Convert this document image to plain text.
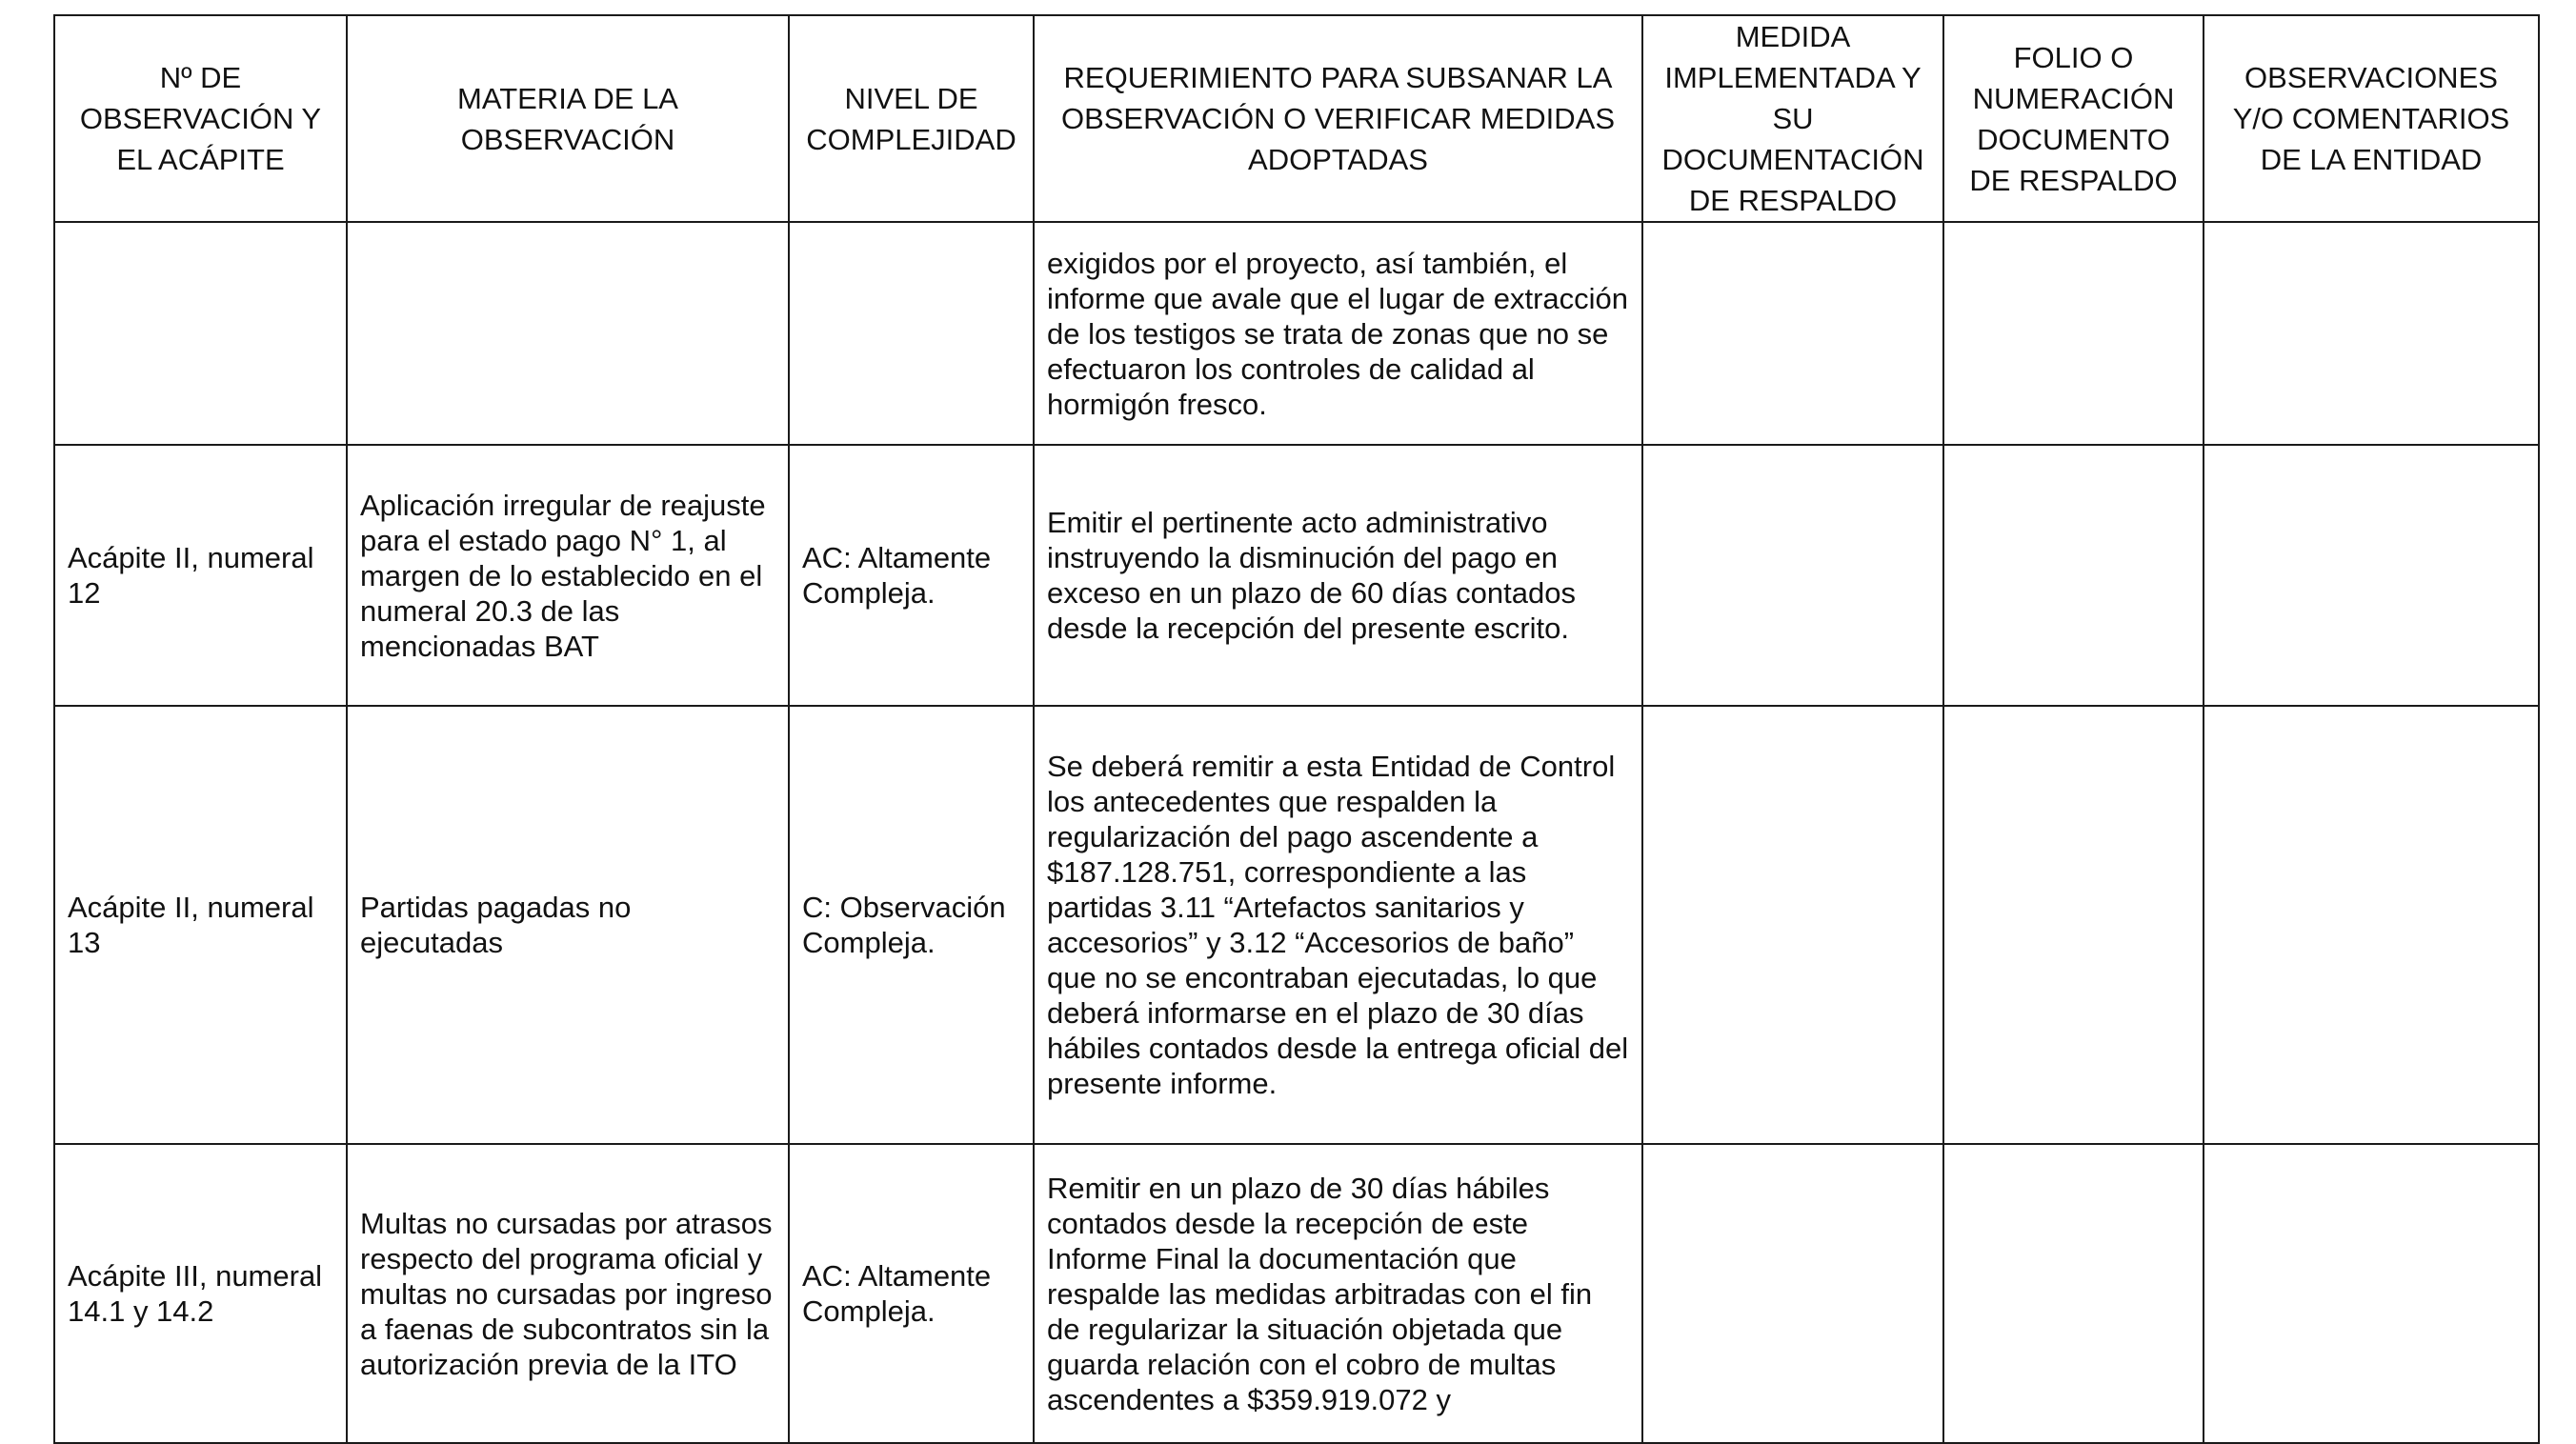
Nº DE OBSERVACIÓN Y EL ACÁPITE	MATERIA DE LA OBSERVACIÓN	NIVEL DE COMPLEJIDAD	REQUERIMIENTO PARA SUBSANAR LA OBSERVACIÓN O VERIFICAR MEDIDAS ADOPTADAS	MEDIDA IMPLEMENTADA Y SU DOCUMENTACIÓN DE RESPALDO	FOLIO O NUMERACIÓN DOCUMENTO DE RESPALDO	OBSERVACIONES Y/O COMENTARIOS DE LA ENTIDAD
			exigidos por el proyecto, así también, el informe que avale que el lugar de extracción de los testigos se trata de zonas que no se efectuaron los controles de calidad al hormigón fresco.			
Acápite II, numeral 12	Aplicación irregular de reajuste para el estado pago N° 1, al margen de lo establecido en el numeral 20.3 de las mencionadas BAT	AC: Altamente Compleja.	Emitir el pertinente acto administrativo instruyendo la disminución del pago en exceso en un plazo de 60 días contados desde la recepción del presente escrito.			
Acápite II, numeral 13	Partidas pagadas no ejecutadas	C: Observación Compleja.	Se deberá remitir a esta Entidad de Control los antecedentes que respalden la regularización del pago ascendente a $187.128.751, correspondiente a las partidas 3.11 “Artefactos sanitarios y accesorios” y 3.12 “Accesorios de baño” que no se encontraban ejecutadas, lo que deberá informarse en el plazo de 30 días hábiles contados desde la entrega oficial del presente informe.			
Acápite III, numeral 14.1 y 14.2	Multas no cursadas por atrasos respecto del programa oficial y multas no cursadas por ingreso a faenas de subcontratos sin la autorización previa de la ITO	AC: Altamente Compleja.	Remitir en un plazo de 30 días hábiles contados desde la recepción de este Informe Final la documentación que respalde las medidas arbitradas con el fin de regularizar la situación objetada que guarda relación con el cobro de multas ascendentes a $359.919.072 y			
